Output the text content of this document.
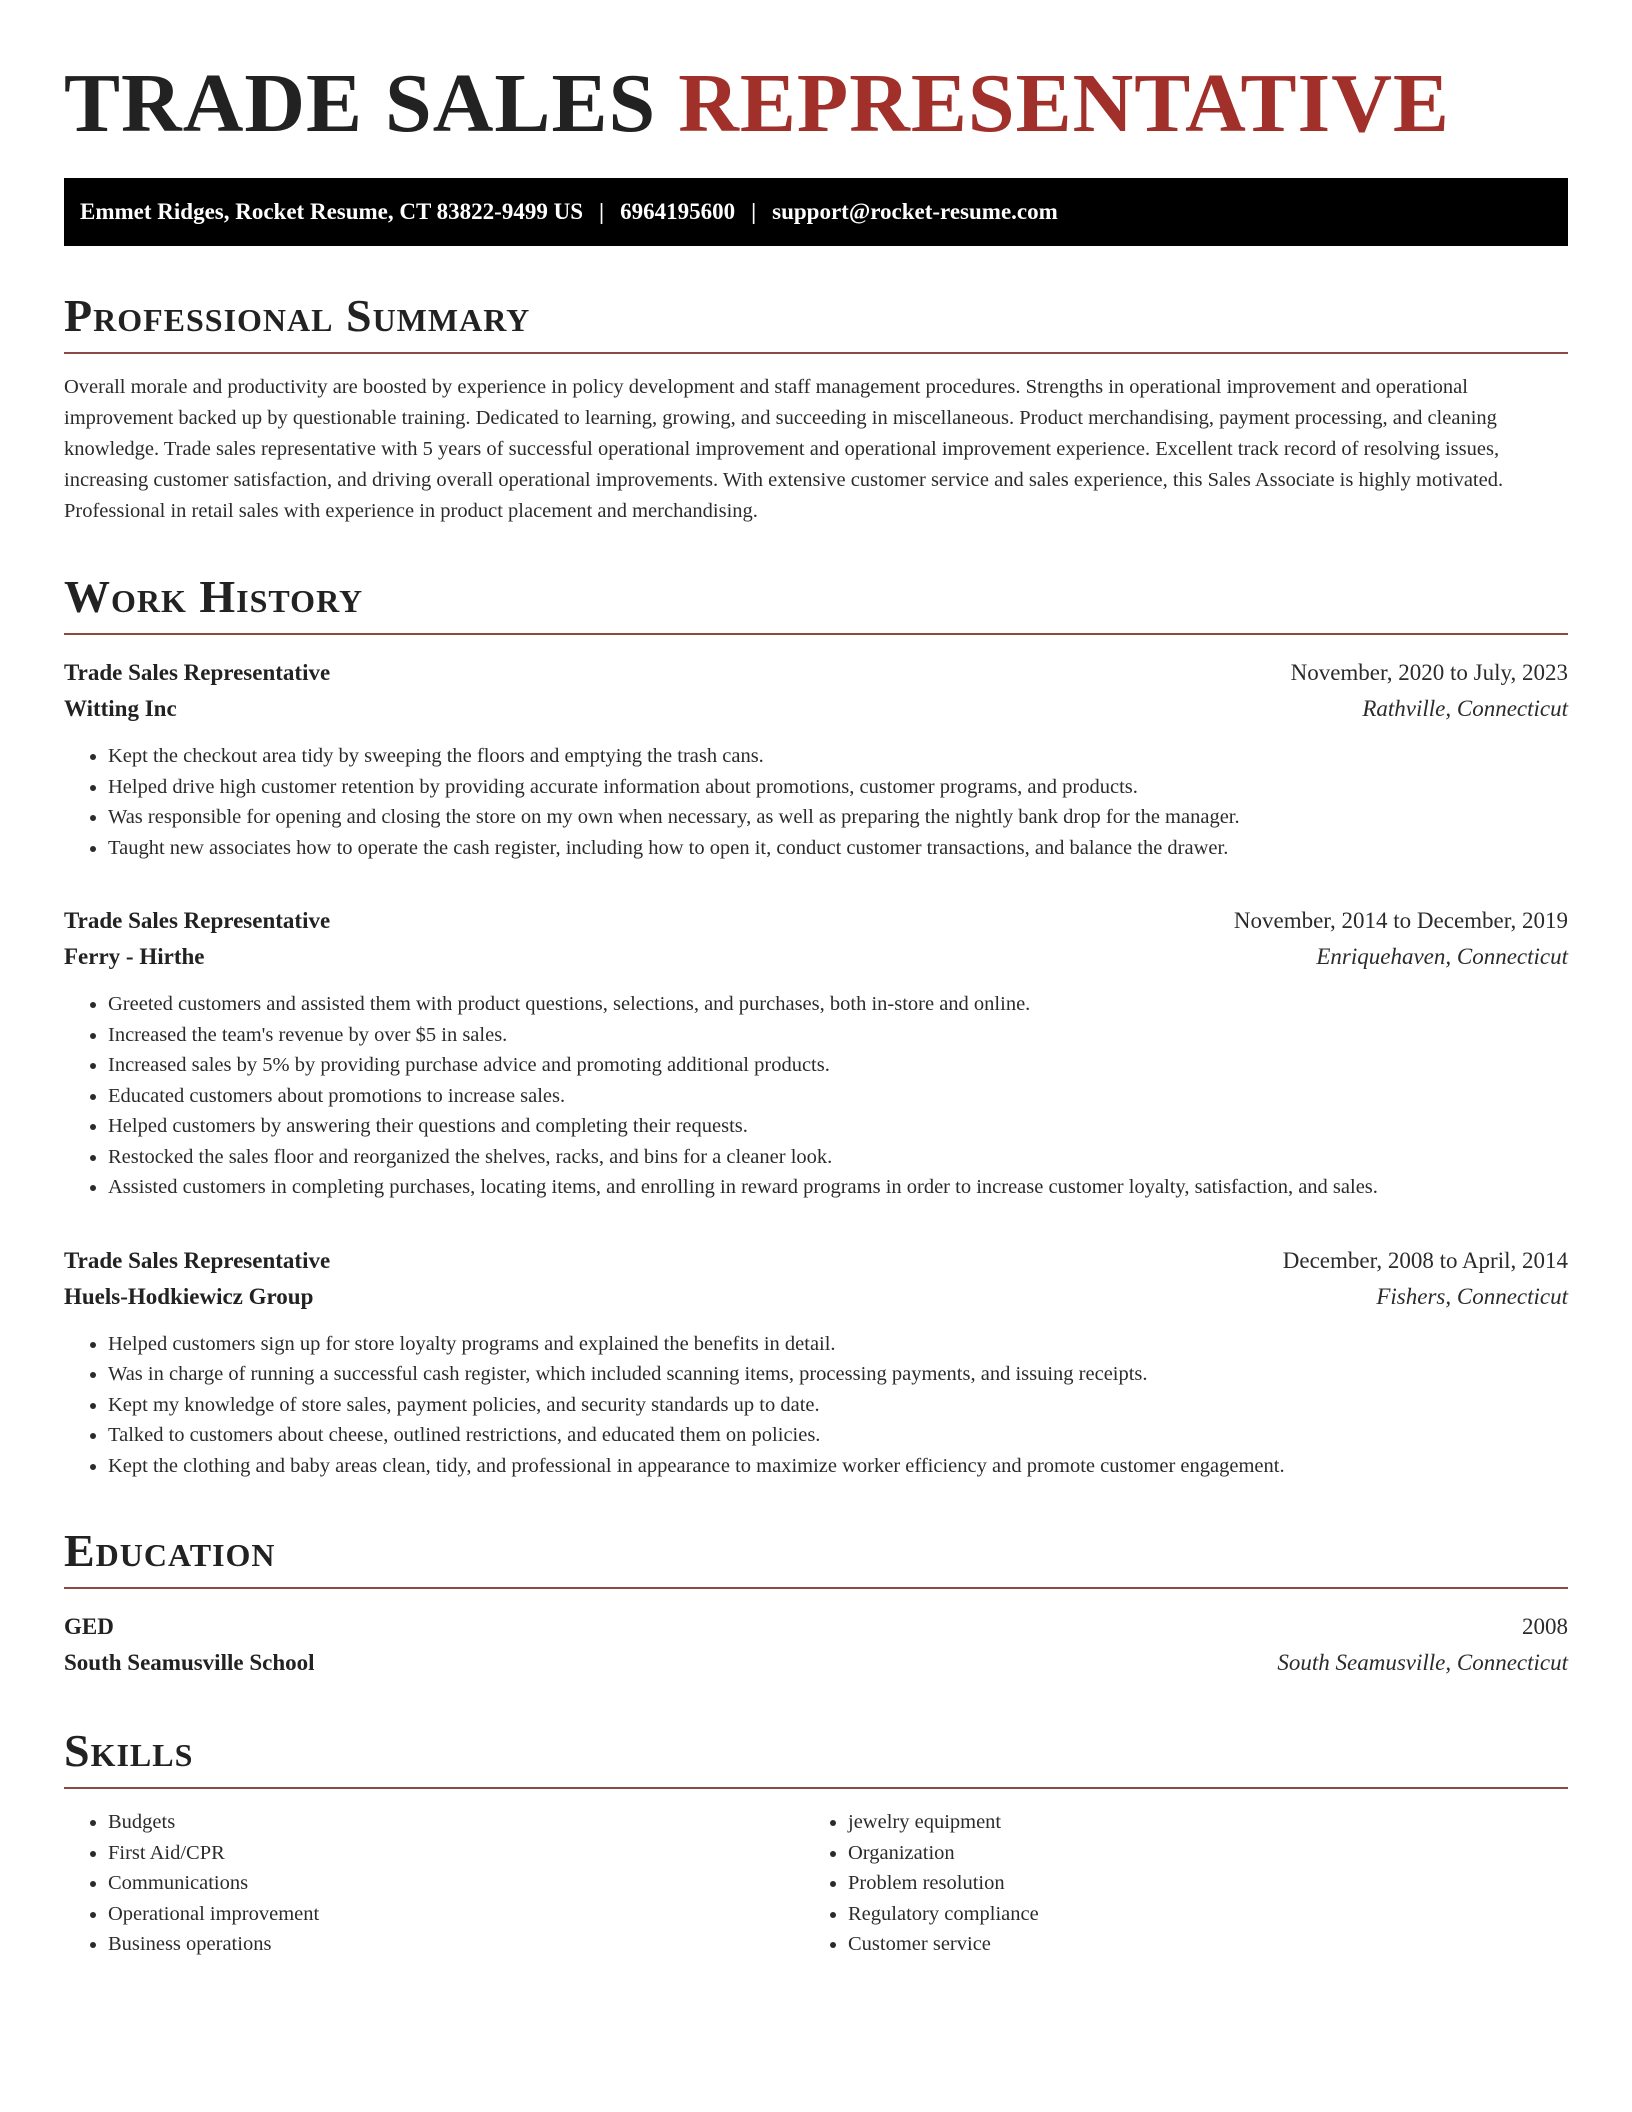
TRADE SALES REPRESENTATIVE
Emmet Ridges, Rocket Resume, CT 83822-9499 US | 6964195600 | support@rocket-resume.com
Professional Summary

Overall morale and productivity are boosted by experience in policy development and staff management procedures. Strengths in operational improvement and operational improvement backed up by questionable training. Dedicated to learning, growing, and succeeding in miscellaneous. Product merchandising, payment processing, and cleaning knowledge. Trade sales representative with 5 years of successful operational improvement and operational improvement experience. Excellent track record of resolving issues, increasing customer satisfaction, and driving overall operational improvements. With extensive customer service and sales experience, this Sales Associate is highly motivated. Professional in retail sales with experience in product placement and merchandising.

Work History
Trade Sales Representative	November, 2020 to July, 2023
Witting Inc	Rathville, Connecticut
• Kept the checkout area tidy by sweeping the floors and emptying the trash cans.
• Helped drive high customer retention by providing accurate information about promotions, customer programs, and products.
• Was responsible for opening and closing the store on my own when necessary, as well as preparing the nightly bank drop for the manager.
• Taught new associates how to operate the cash register, including how to open it, conduct customer transactions, and balance the drawer.
Trade Sales Representative	November, 2014 to December, 2019
Ferry - Hirthe	Enriquehaven, Connecticut
• Greeted customers and assisted them with product questions, selections, and purchases, both in-store and online.
• Increased the team's revenue by over $5 in sales.
• Increased sales by 5% by providing purchase advice and promoting additional products.
• Educated customers about promotions to increase sales.
• Helped customers by answering their questions and completing their requests.
• Restocked the sales floor and reorganized the shelves, racks, and bins for a cleaner look.
• Assisted customers in completing purchases, locating items, and enrolling in reward programs in order to increase customer loyalty, satisfaction, and sales.
Trade Sales Representative	December, 2008 to April, 2014
Huels-Hodkiewicz Group	Fishers, Connecticut
• Helped customers sign up for store loyalty programs and explained the benefits in detail.
• Was in charge of running a successful cash register, which included scanning items, processing payments, and issuing receipts.
• Kept my knowledge of store sales, payment policies, and security standards up to date.
• Talked to customers about cheese, outlined restrictions, and educated them on policies.
• Kept the clothing and baby areas clean, tidy, and professional in appearance to maximize worker efficiency and promote customer engagement.
Education
GED	2008
South Seamusville School	South Seamusville, Connecticut
Skills
• Budgets
• First Aid/CPR
• Communications
• Operational improvement
• Business operations
• jewelry equipment
• Organization
• Problem resolution
• Regulatory compliance
• Customer service
